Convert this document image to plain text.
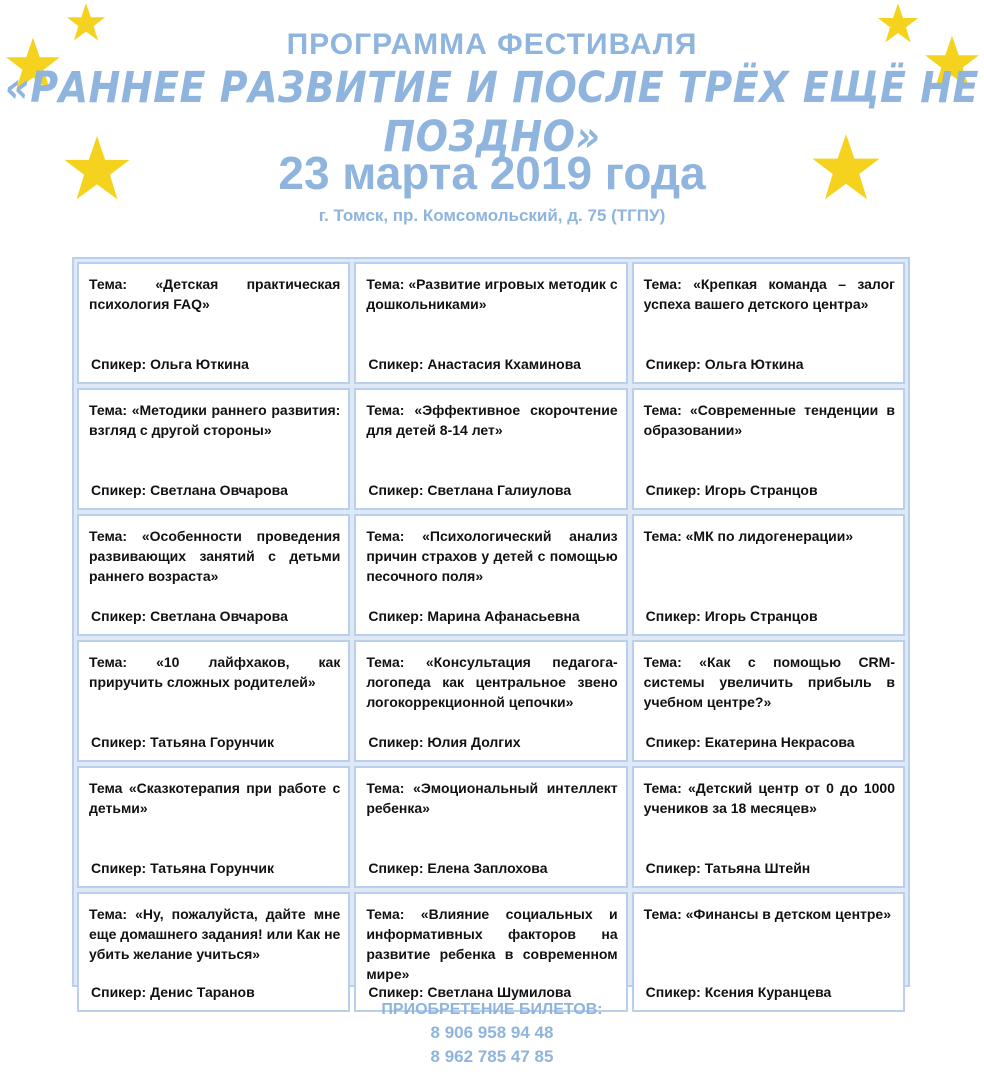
ПРОГРАММА ФЕСТИВАЛЯ
«РАННЕЕ РАЗВИТИЕ И ПОСЛЕ ТРЁХ ЕЩЁ НЕ ПОЗДНО»
23 марта 2019 года
г. Томск, пр. Комсомольский, д. 75 (ТГПУ)
Тема: «Детская практическая психология FAQ»
Спикер: Ольга Юткина
Тема: «Развитие игровых методик с дошкольниками»
Спикер: Анастасия Кхаминова
Тема: «Крепкая команда – залог успеха вашего детского центра»
Спикер: Ольга Юткина
Тема: «Методики раннего развития: взгляд с другой стороны»
Спикер: Светлана Овчарова
Тема: «Эффективное скорочтение для детей 8-14 лет»
Спикер: Светлана Галиулова
Тема: «Современные тенденции в образовании»
Спикер: Игорь Странцов
Тема: «Особенности проведения развивающих занятий с детьми раннего возраста»
Спикер: Светлана Овчарова
Тема: «Психологический анализ причин страхов у детей с помощью песочного поля»
Спикер: Марина Афанасьевна
Тема: «МК по лидогенерации»
Спикер: Игорь Странцов
Тема: «10 лайфхаков, как приручить сложных родителей»
Спикер: Татьяна Горунчик
Тема: «Консультация педагога-логопеда как центральное звено логокоррекционной цепочки»
Спикер: Юлия Долгих
Тема: «Как с помощью CRM-системы увеличить прибыль в учебном центре?»
Спикер: Екатерина Некрасова
Тема «Сказкотерапия при работе с детьми»
Спикер: Татьяна Горунчик
Тема: «Эмоциональный интеллект ребенка»
Спикер: Елена Заплохова
Тема: «Детский центр от 0 до 1000 учеников за 18 месяцев»
Спикер: Татьяна Штейн
Тема: «Ну, пожалуйста, дайте мне еще домашнего задания! или Как не убить желание учиться»
Спикер: Денис Таранов
Тема: «Влияние социальных и информативных факторов на развитие ребенка в современном мире»
Спикер: Светлана Шумилова
Тема: «Финансы в детском центре»
Спикер: Ксения Куранцева
ПРИОБРЕТЕНИЕ БИЛЕТОВ:
8 906 958 94 48
8 962 785 47 85
